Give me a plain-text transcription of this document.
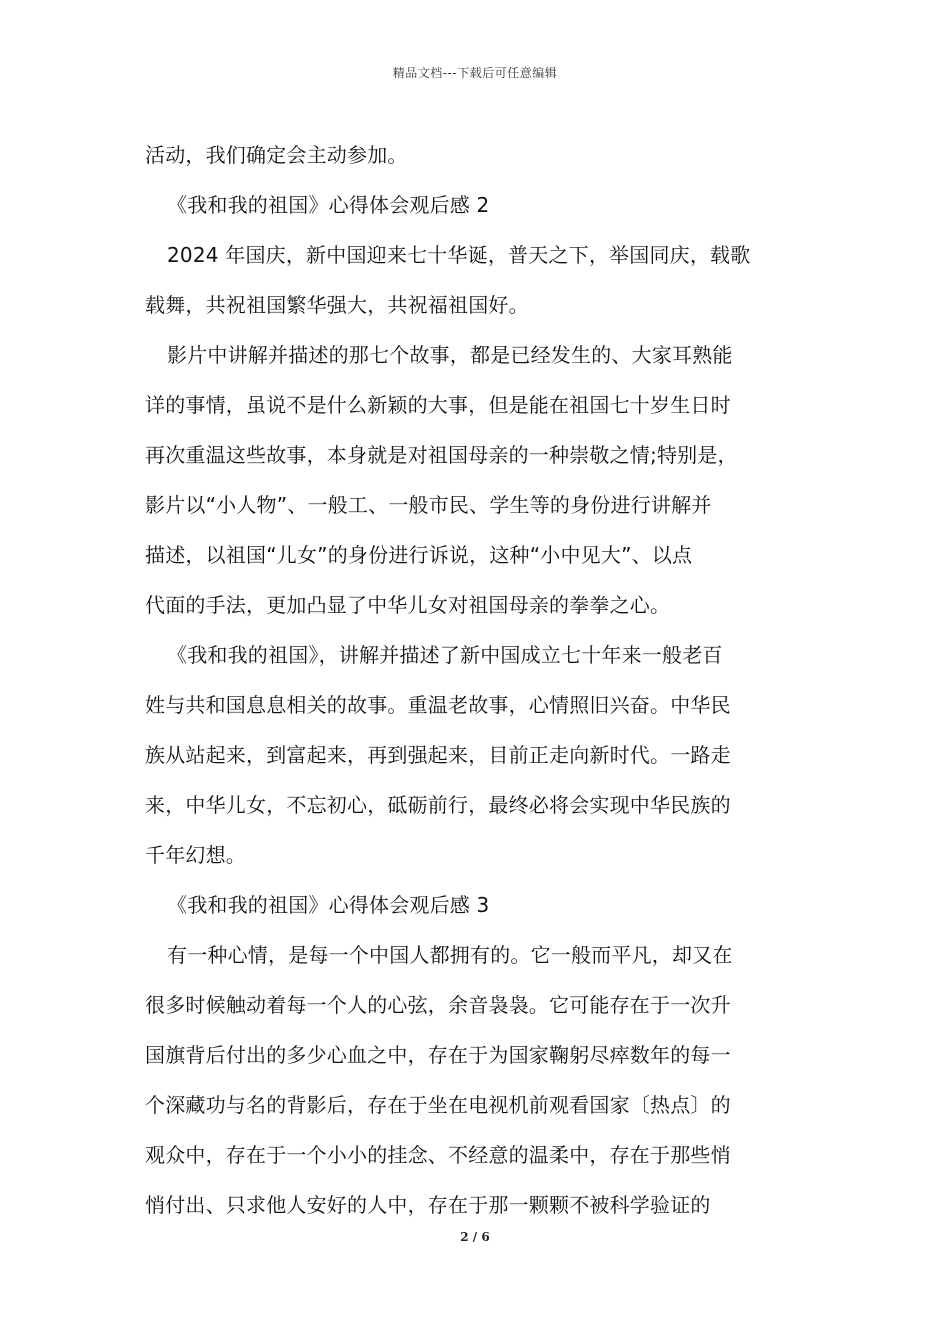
精品文档---下载后可任意编辑
活动，我们确定会主动参加。
《我和我的祖国》心得体会观后感 2
2024 年国庆，新中国迎来七十华诞，普天之下，举国同庆，载歌
载舞，共祝祖国繁华强大，共祝福祖国好。
影片中讲解并描述的那七个故事，都是已经发生的、大家耳熟能
详的事情，虽说不是什么新颖的大事，但是能在祖国七十岁生日时
再次重温这些故事，本身就是对祖国母亲的一种崇敬之情;特别是，
影片以“小人物”、一般工、一般市民、学生等的身份进行讲解并
描述，以祖国“儿女”的身份进行诉说，这种“小中见大”、以点
代面的手法，更加凸显了中华儿女对祖国母亲的拳拳之心。
《我和我的祖国》，讲解并描述了新中国成立七十年来一般老百
姓与共和国息息相关的故事。重温老故事，心情照旧兴奋。中华民
族从站起来，到富起来，再到强起来，目前正走向新时代。一路走
来，中华儿女，不忘初心，砥砺前行，最终必将会实现中华民族的
千年幻想。
《我和我的祖国》心得体会观后感 3
有一种心情，是每一个中国人都拥有的。它一般而平凡，却又在
很多时候触动着每一个人的心弦，余音袅袅。它可能存在于一次升
国旗背后付出的多少心血之中，存在于为国家鞠躬尽瘁数年的每一
个深藏功与名的背影后，存在于坐在电视机前观看国家〔热点〕的
观众中，存在于一个小小的挂念、不经意的温柔中，存在于那些悄
悄付出、只求他人安好的人中，存在于那一颗颗不被科学验证的
2 / 6
